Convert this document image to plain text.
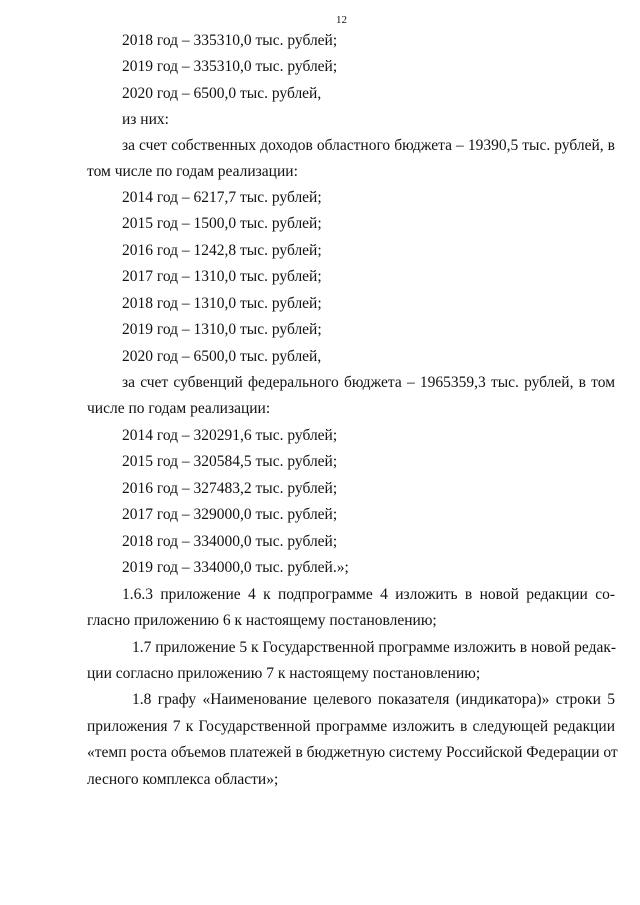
12
2018 год – 335310,0 тыс. рублей;
2019 год – 335310,0 тыс. рублей;
2020 год – 6500,0 тыс. рублей,
из них:
за счет собственных доходов областного бюджета – 19390,5 тыс. рублей, в
том числе по годам реализации:
2014 год – 6217,7 тыс. рублей;
2015 год – 1500,0 тыс. рублей;
2016 год – 1242,8 тыс. рублей;
2017 год – 1310,0 тыс. рублей;
2018 год – 1310,0 тыс. рублей;
2019 год – 1310,0 тыс. рублей;
2020 год – 6500,0 тыс. рублей,
за счет субвенций федерального бюджета – 1965359,3 тыс. рублей, в том
числе по годам реализации:
2014 год – 320291,6 тыс. рублей;
2015 год – 320584,5 тыс. рублей;
2016 год – 327483,2 тыс. рублей;
2017 год – 329000,0 тыс. рублей;
2018 год – 334000,0 тыс. рублей;
2019 год – 334000,0 тыс. рублей.»;
1.6.3 приложение 4 к подпрограмме 4 изложить в новой редакции со-
гласно приложению 6 к настоящему постановлению;
1.7 приложение 5 к Государственной программе изложить в новой редак-
ции согласно приложению 7 к настоящему постановлению;
1.8 графу «Наименование целевого показателя (индикатора)» строки 5
приложения 7 к Государственной программе изложить в следующей редакции
«темп роста объемов платежей в бюджетную систему Российской Федерации от
лесного комплекса области»;
